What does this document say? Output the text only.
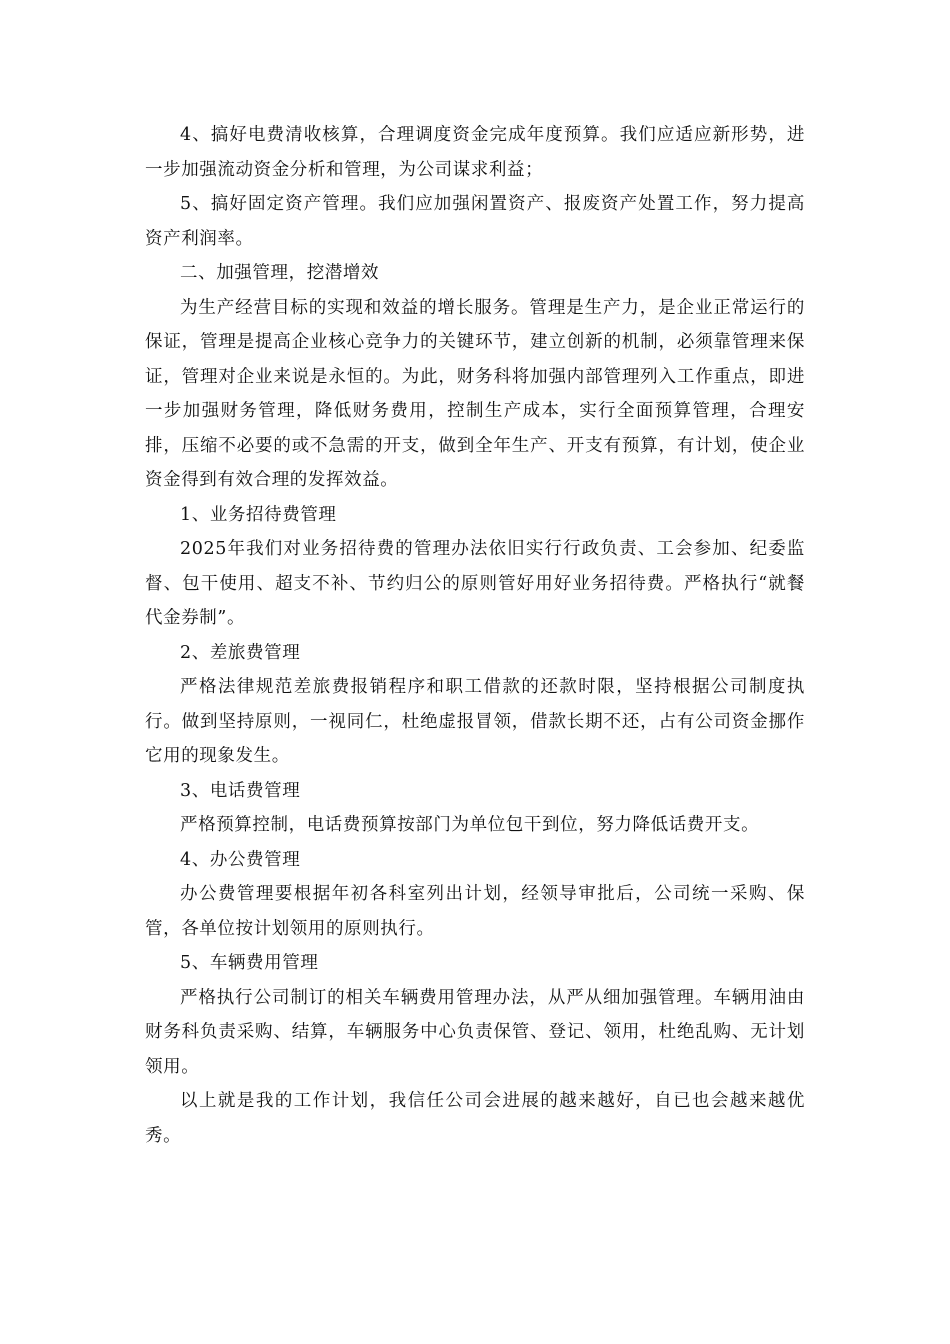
4、搞好电费清收核算，合理调度资金完成年度预算。我们应适应新形势，进一步加强流动资金分析和管理，为公司谋求利益；

5、搞好固定资产管理。我们应加强闲置资产、报废资产处置工作，努力提高资产利润率。

二、加强管理，挖潜增效

为生产经营目标的实现和效益的增长服务。管理是生产力，是企业正常运行的保证，管理是提高企业核心竞争力的关键环节，建立创新的机制，必须靠管理来保证，管理对企业来说是永恒的。为此，财务科将加强内部管理列入工作重点，即进一步加强财务管理，降低财务费用，控制生产成本，实行全面预算管理，合理安排，压缩不必要的或不急需的开支，做到全年生产、开支有预算，有计划，使企业资金得到有效合理的发挥效益。

1、业务招待费管理

2025年我们对业务招待费的管理办法依旧实行行政负责、工会参加、纪委监督、包干使用、超支不补、节约归公的原则管好用好业务招待费。严格执行“就餐代金券制”。

2、差旅费管理

严格法律规范差旅费报销程序和职工借款的还款时限，坚持根据公司制度执行。做到坚持原则，一视同仁，杜绝虚报冒领，借款长期不还，占有公司资金挪作它用的现象发生。

3、电话费管理

严格预算控制，电话费预算按部门为单位包干到位，努力降低话费开支。

4、办公费管理

办公费管理要根据年初各科室列出计划，经领导审批后，公司统一采购、保管，各单位按计划领用的原则执行。

5、车辆费用管理

严格执行公司制订的相关车辆费用管理办法，从严从细加强管理。车辆用油由财务科负责采购、结算，车辆服务中心负责保管、登记、领用，杜绝乱购、无计划领用。

以上就是我的工作计划，我信任公司会进展的越来越好，自已也会越来越优秀。
